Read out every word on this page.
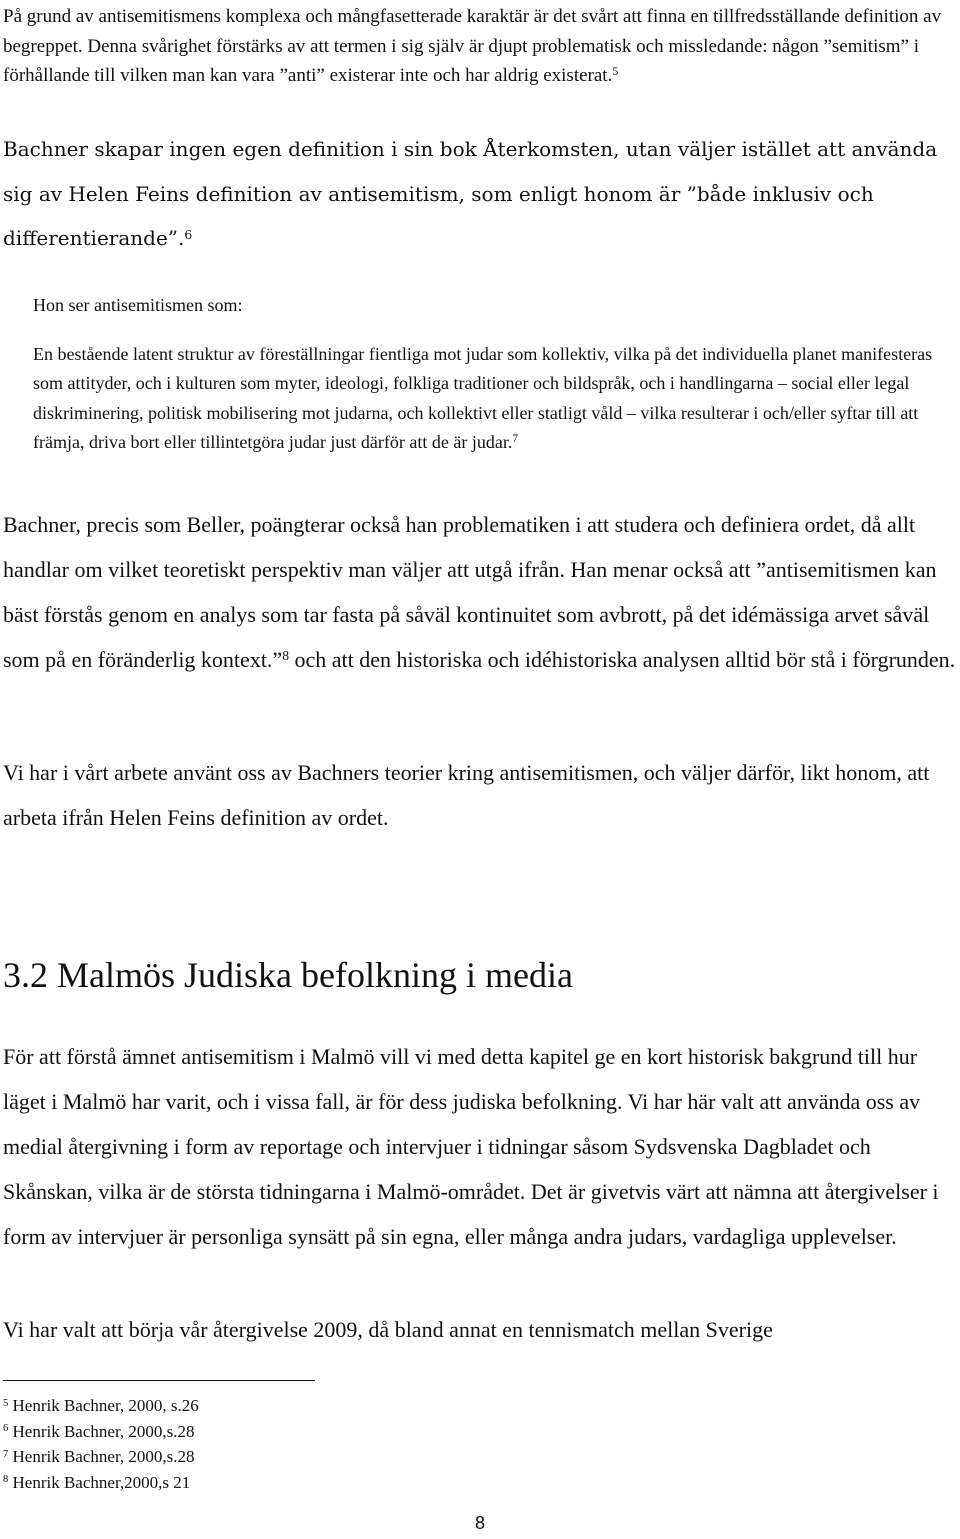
På grund av antisemitismens komplexa och mångfasetterade karaktär är det svårt att finna en tillfredsställande definition av begreppet. Denna svårighet förstärks av att termen i sig själv är djupt problematisk och missledande: någon ”semitism” i förhållande till vilken man kan vara ”anti” existerar inte och har aldrig existerat.$^5$

Bachner skapar ingen egen definition i sin bok Återkomsten, utan väljer istället att använda sig av Helen Feins definition av antisemitism, som enligt honom är ”både inklusiv och differentierande”.$^6$

Hon ser antisemitismen som:

En bestående latent struktur av föreställningar fientliga mot judar som kollektiv, vilka på det individuella planet manifesteras som attityder, och i kulturen som myter, ideologi, folkliga traditioner och bildspråk, och i handlingarna – social eller legal diskriminering, politisk mobilisering mot judarna, och kollektivt eller statligt våld – vilka resulterar i och/eller syftar till att främja, driva bort eller tillintetgöra judar just därför att de är judar.$^7$

Bachner, precis som Beller, poängterar också han problematiken i att studera och definiera ordet, då allt handlar om vilket teoretiskt perspektiv man väljer att utgå ifrån. Han menar också att ”antisemitismen kan bäst förstås genom en analys som tar fasta på såväl kontinuitet som avbrott, på det idémässiga arvet såväl som på en föränderlig kontext.”$^8$ och att den historiska och idéhistoriska analysen alltid bör stå i förgrunden.

Vi har i vårt arbete använt oss av Bachners teorier kring antisemitismen, och väljer därför, likt honom, att arbeta ifrån Helen Feins definition av ordet.

3.2 Malmös Judiska befolkning i media

För att förstå ämnet antisemitism i Malmö vill vi med detta kapitel ge en kort historisk bakgrund till hur läget i Malmö har varit, och i vissa fall, är för dess judiska befolkning. Vi har här valt att använda oss av medial återgivning i form av reportage och intervjuer i tidningar såsom Sydsvenska Dagbladet och Skånskan, vilka är de största tidningarna i Malmö-området. Det är givetvis värt att nämna att återgivelser i form av intervjuer är personliga synsätt på sin egna, eller många andra judars, vardagliga upplevelser.

Vi har valt att börja vår återgivelse 2009, då bland annat en tennismatch mellan Sverige

$^5$ Henrik Bachner, 2000, s.26

$^6$ Henrik Bachner, 2000,s.28

$^7$ Henrik Bachner, 2000,s.28

$^8$ Henrik Bachner,2000,s 21

8
